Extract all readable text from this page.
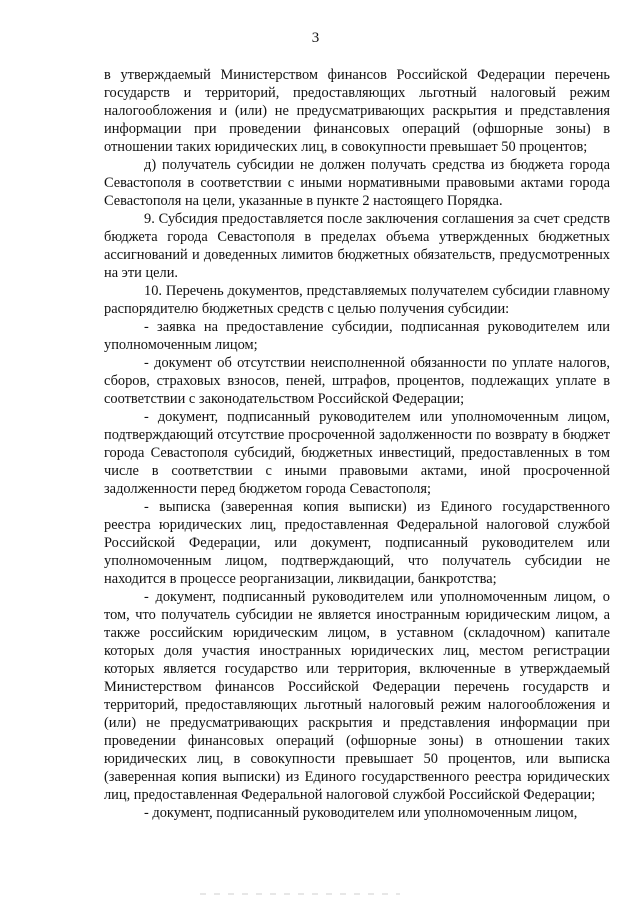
3

в утверждаемый Министерством финансов Российской Федерации перечень государств и территорий, предоставляющих льготный налоговый режим налогообложения и (или) не предусматривающих раскрытия и представления информации при проведении финансовых операций (офшорные зоны) в отношении таких юридических лиц, в совокупности превышает 50 процентов;

д) получатель субсидии не должен получать средства из бюджета города Севастополя в соответствии с иными нормативными правовыми актами города Севастополя на цели, указанные в пункте 2 настоящего Порядка.

9. Субсидия предоставляется после заключения соглашения за счет средств бюджета города Севастополя в пределах объема утвержденных бюджетных ассигнований и доведенных лимитов бюджетных обязательств, предусмотренных на эти цели.

10. Перечень документов, представляемых получателем субсидии главному распорядителю бюджетных средств с целью получения субсидии:

- заявка на предоставление субсидии, подписанная руководителем или уполномоченным лицом;

- документ об отсутствии неисполненной обязанности по уплате налогов, сборов, страховых взносов, пеней, штрафов, процентов, подлежащих уплате в соответствии с законодательством Российской Федерации;

- документ, подписанный руководителем или уполномоченным лицом, подтверждающий отсутствие просроченной задолженности по возврату в бюджет города Севастополя субсидий, бюджетных инвестиций, предоставленных в том числе в соответствии с иными правовыми актами, иной просроченной задолженности перед бюджетом города Севастополя;

- выписка (заверенная копия выписки) из Единого государственного реестра юридических лиц, предоставленная Федеральной налоговой службой Российской Федерации, или документ, подписанный руководителем или уполномоченным лицом, подтверждающий, что получатель субсидии не находится в процессе реорганизации, ликвидации, банкротства;

- документ, подписанный руководителем или уполномоченным лицом, о том, что получатель субсидии не является иностранным юридическим лицом, а также российским юридическим лицом, в уставном (складочном) капитале которых доля участия иностранных юридических лиц, местом регистрации которых является государство или территория, включенные в утверждаемый Министерством финансов Российской Федерации перечень государств и территорий, предоставляющих льготный налоговый режим налогообложения и (или) не предусматривающих раскрытия и представления информации при проведении финансовых операций (офшорные зоны) в отношении таких юридических лиц, в совокупности превышает 50 процентов, или выписка (заверенная копия выписки) из Единого государственного реестра юридических лиц, предоставленная Федеральной налоговой службой Российской Федерации;

- документ, подписанный руководителем или уполномоченным лицом,
